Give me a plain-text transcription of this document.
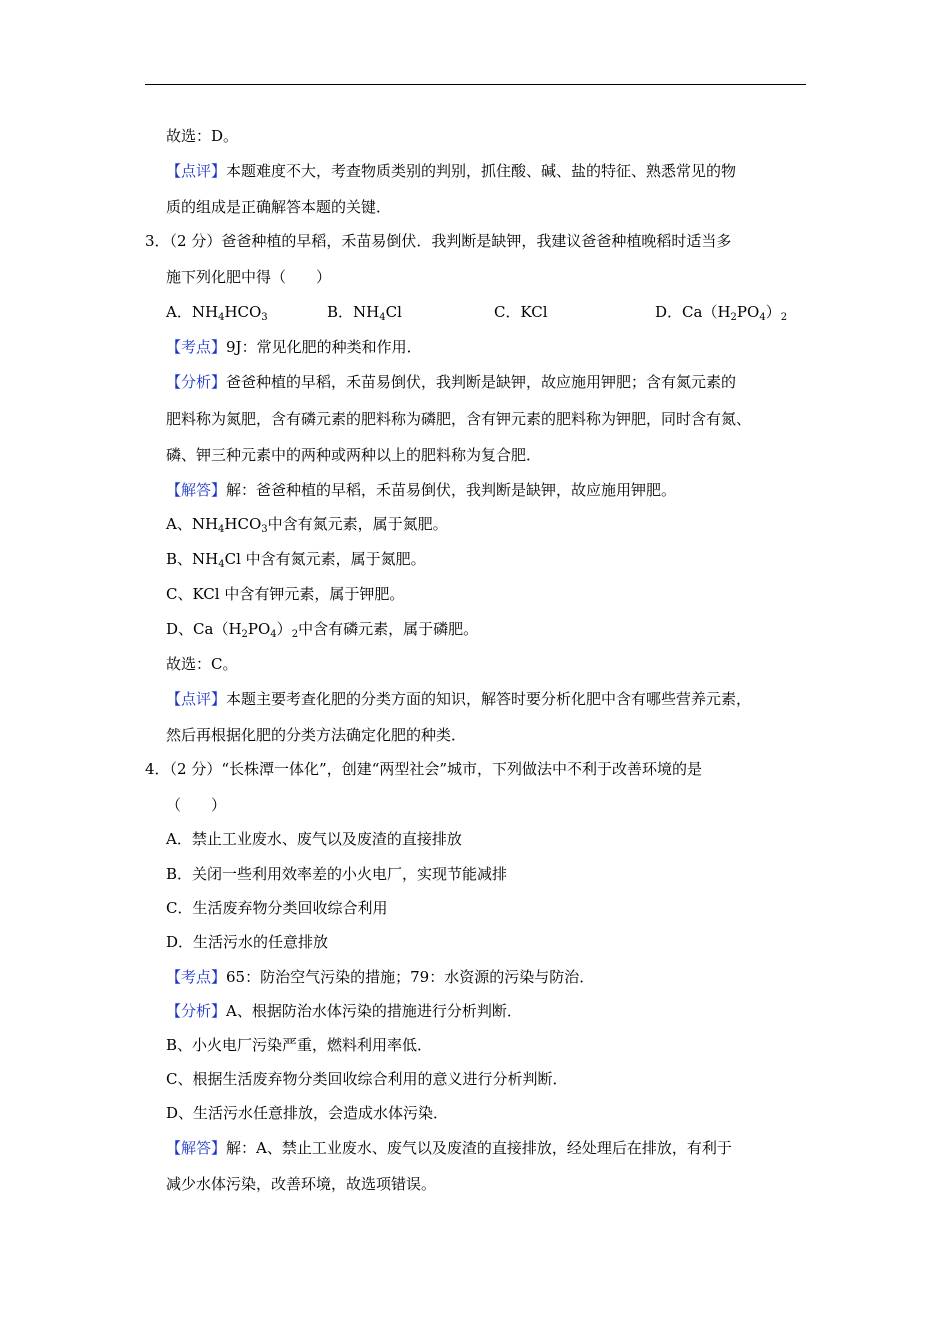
故选：D。
【点评】本题难度不大，考查物质类别的判别，抓住酸、碱、盐的特征、熟悉常见的物
质的组成是正确解答本题的关键．
3．（2 分）爸爸种植的早稻，禾苗易倒伏．我判断是缺钾，我建议爸爸种植晚稻时适当多
施下列化肥中得（　　）
A．$NH_4HCO_3$	B．$NH_4Cl$	C．KCl	D．$Ca(H_2PO_4)_2$
【考点】9J：常见化肥的种类和作用．
【分析】爸爸种植的早稻，禾苗易倒伏，我判断是缺钾，故应施用钾肥；含有氮元素的
肥料称为氮肥，含有磷元素的肥料称为磷肥，含有钾元素的肥料称为钾肥，同时含有氮、
磷、钾三种元素中的两种或两种以上的肥料称为复合肥．
【解答】解：爸爸种植的早稻，禾苗易倒伏，我判断是缺钾，故应施用钾肥。
A、$NH_4HCO_3$中含有氮元素，属于氮肥。
B、$NH_4Cl$ 中含有氮元素，属于氮肥。
C、KCl 中含有钾元素，属于钾肥。
D、$Ca(H_2PO_4)_2$中含有磷元素，属于磷肥。
故选：C。
【点评】本题主要考查化肥的分类方面的知识，解答时要分析化肥中含有哪些营养元素，
然后再根据化肥的分类方法确定化肥的种类．
4．（2 分）“长株潭一体化”，创建“两型社会”城市，下列做法中不利于改善环境的是
（　　）
A．禁止工业废水、废气以及废渣的直接排放
B．关闭一些利用效率差的小火电厂，实现节能减排
C．生活废弃物分类回收综合利用
D．生活污水的任意排放
【考点】65：防治空气污染的措施；79：水资源的污染与防治．
【分析】A、根据防治水体污染的措施进行分析判断．
B、小火电厂污染严重，燃料利用率低．
C、根据生活废弃物分类回收综合利用的意义进行分析判断．
D、生活污水任意排放，会造成水体污染．
【解答】解：A、禁止工业废水、废气以及废渣的直接排放，经处理后在排放，有利于
减少水体污染，改善环境，故选项错误。
